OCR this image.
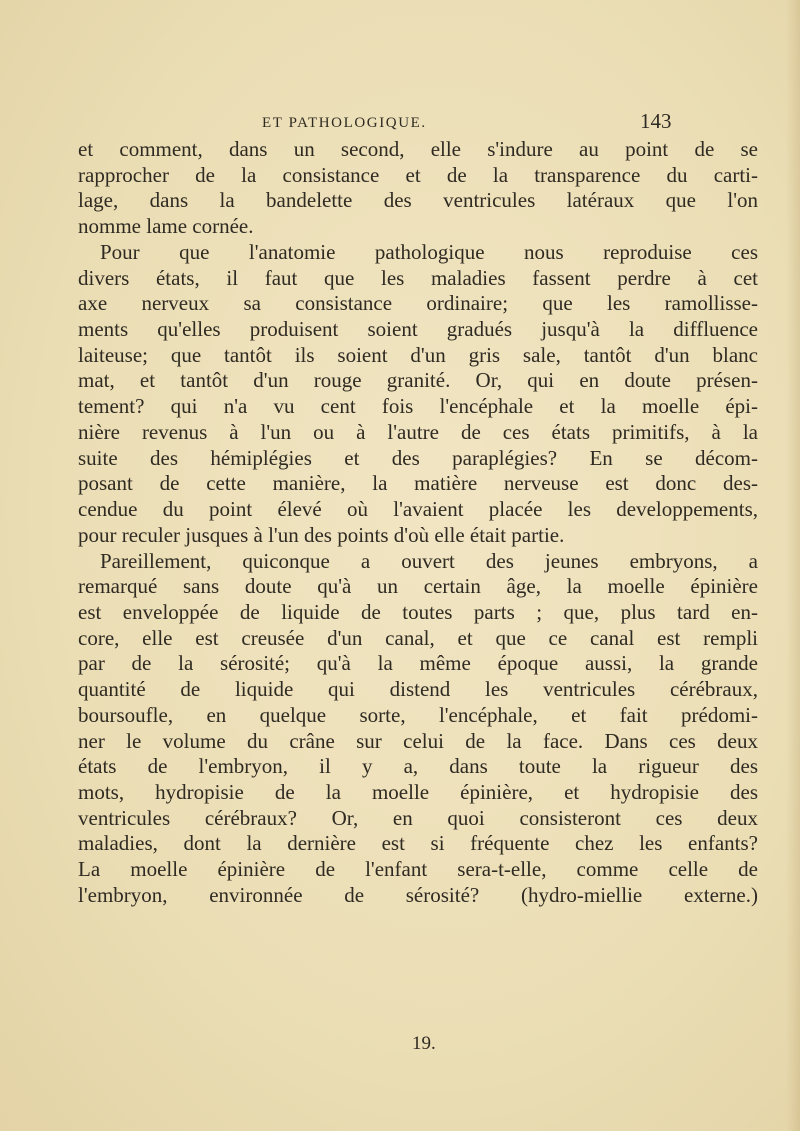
ET PATHOLOGIQUE.	143
et comment, dans un second, elle s'indure au point de se
rapprocher de la consistance et de la transparence du carti-
lage, dans la bandelette des ventricules latéraux que l'on
nomme lame cornée.
Pour que l'anatomie pathologique nous reproduise ces
divers états, il faut que les maladies fassent perdre à cet
axe nerveux sa consistance ordinaire; que les ramollisse-
ments qu'elles produisent soient gradués jusqu'à la diffluence
laiteuse; que tantôt ils soient d'un gris sale, tantôt d'un blanc
mat, et tantôt d'un rouge granité. Or, qui en doute présen-
tement? qui n'a vu cent fois l'encéphale et la moelle épi-
nière revenus à l'un ou à l'autre de ces états primitifs, à la
suite des hémiplégies et des paraplégies? En se décom-
posant de cette manière, la matière nerveuse est donc des-
cendue du point élevé où l'avaient placée les developpements,
pour reculer jusques à l'un des points d'où elle était partie.
Pareillement, quiconque a ouvert des jeunes embryons, a
remarqué sans doute qu'à un certain âge, la moelle épinière
est enveloppée de liquide de toutes parts ; que, plus tard en-
core, elle est creusée d'un canal, et que ce canal est rempli
par de la sérosité; qu'à la même époque aussi, la grande
quantité de liquide qui distend les ventricules cérébraux,
boursoufle, en quelque sorte, l'encéphale, et fait prédomi-
ner le volume du crâne sur celui de la face. Dans ces deux
états de l'embryon, il y a, dans toute la rigueur des
mots, hydropisie de la moelle épinière, et hydropisie des
ventricules cérébraux? Or, en quoi consisteront ces deux
maladies, dont la dernière est si fréquente chez les enfants?
La moelle épinière de l'enfant sera-t-elle, comme celle de
l'embryon, environnée de sérosité? (hydro-miellie externe.)
19.
